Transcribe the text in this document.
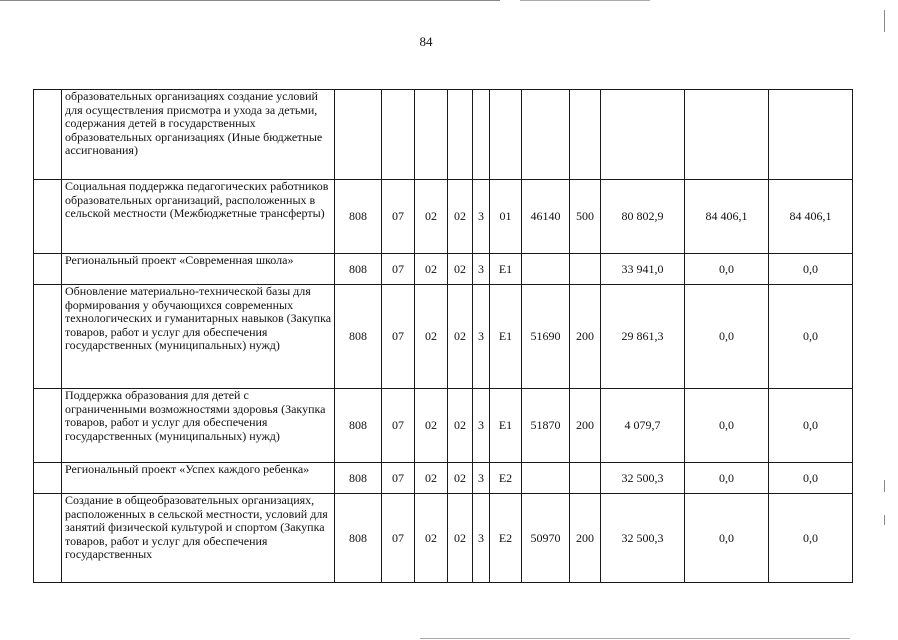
84
	образовательных организациях создание условий для осуществления присмотра и ухода за детьми, содержания детей в государственных образовательных организациях (Иные бюджетные ассигнования)											
	Социальная поддержка педагогических работников образовательных организаций, расположенных в сельской местности (Межбюджетные трансферты)	808	07	02	02	3	01	46140	500	80 802,9	84 406,1	84 406,1
	Региональный проект «Современная школа»	808	07	02	02	3	E1			33 941,0	0,0	0,0
	Обновление материально-технической базы для формирования у обучающихся современных технологических и гуманитарных навыков (Закупка товаров, работ и услуг для обеспечения государственных (муниципальных) нужд)	808	07	02	02	3	E1	51690	200	29 861,3	0,0	0,0
	Поддержка образования для детей с ограниченными возможностями здоровья (Закупка товаров, работ и услуг для обеспечения государственных (муниципальных) нужд)	808	07	02	02	3	E1	51870	200	4 079,7	0,0	0,0
	Региональный проект «Успех каждого ребенка»	808	07	02	02	3	E2			32 500,3	0,0	0,0
	Создание в общеобразовательных организациях, расположенных в сельской местности, условий для занятий физической культурой и спортом (Закупка товаров, работ и услуг для обеспечения государственных	808	07	02	02	3	E2	50970	200	32 500,3	0,0	0,0
